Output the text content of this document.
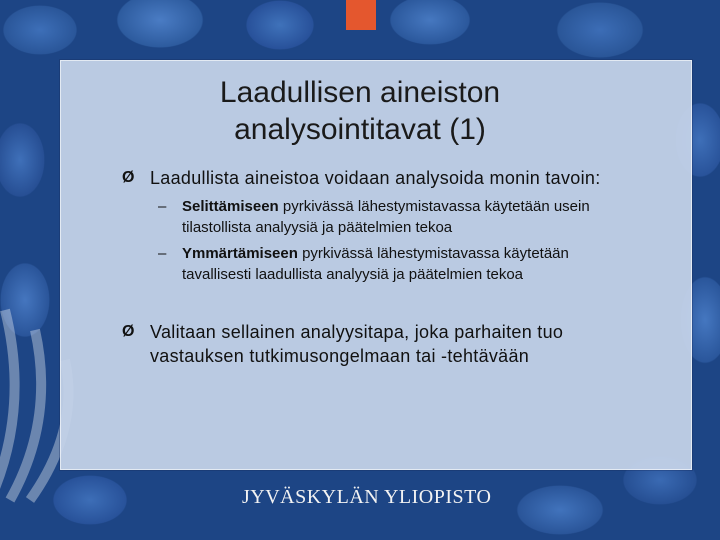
Laadullisen aineiston
analysointitavat (1)
Ø Laadullista aineistoa voidaan analysoida monin tavoin:
– Selittämiseen pyrkivässä lähestymistavassa käytetään usein tilastollista analyysiä ja päätelmien tekoa
– Ymmärtämiseen pyrkivässä lähestymistavassa käytetään tavallisesti laadullista analyysiä ja päätelmien tekoa
Ø Valitaan sellainen analyysitapa, joka parhaiten tuo vastauksen tutkimusongelmaan tai -tehtävään
JYVÄSKYLÄN YLIOPISTO
